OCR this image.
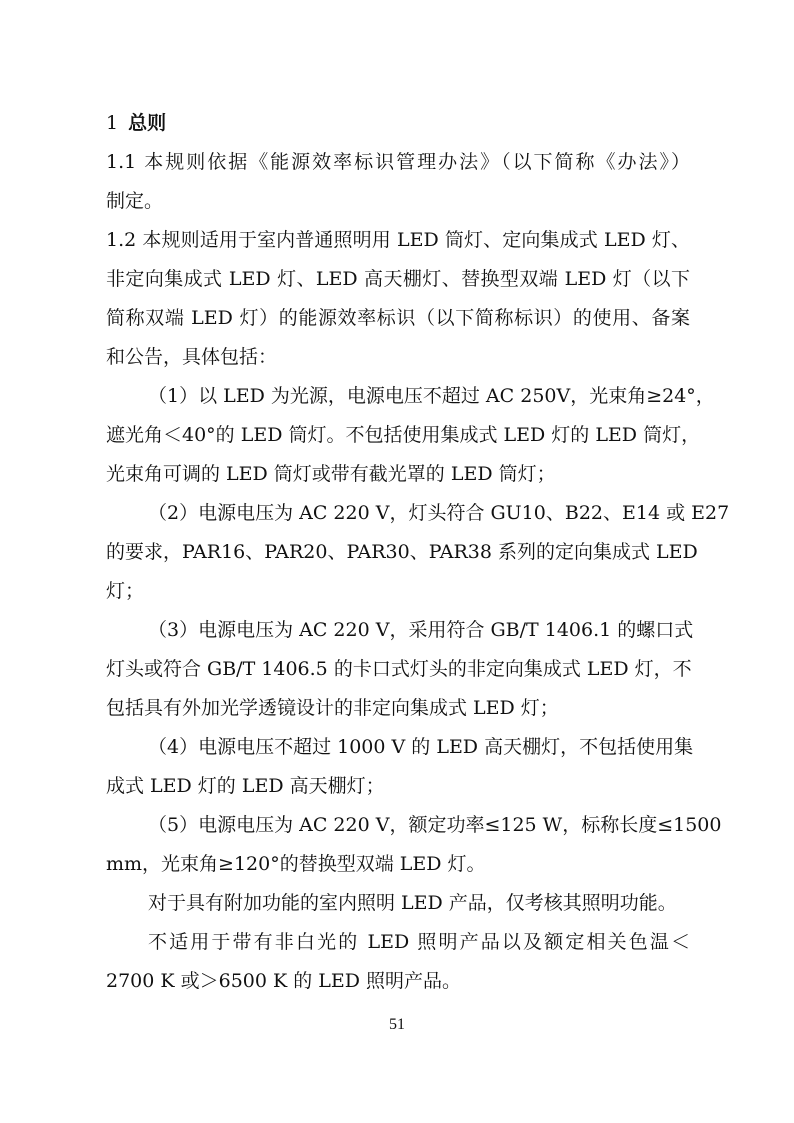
1 总则
1.1 本规则依据《能源效率标识管理办法》（以下简称《办法》）
制定。
1.2 本规则适用于室内普通照明用 LED 筒灯、定向集成式 LED 灯、
非定向集成式 LED 灯、LED 高天棚灯、替换型双端 LED 灯（以下
简称双端 LED 灯）的能源效率标识（以下简称标识）的使用、备案
和公告，具体包括：
（1）以 LED 为光源，电源电压不超过 AC 250V，光束角≥24°，
遮光角＜40°的 LED 筒灯。不包括使用集成式 LED 灯的 LED 筒灯，
光束角可调的 LED 筒灯或带有截光罩的 LED 筒灯；
（2）电源电压为 AC 220 V，灯头符合 GU10、B22、E14 或 E27
的要求，PAR16、PAR20、PAR30、PAR38 系列的定向集成式 LED
灯；
（3）电源电压为 AC 220 V，采用符合 GB/T 1406.1 的螺口式
灯头或符合 GB/T 1406.5 的卡口式灯头的非定向集成式 LED 灯，不
包括具有外加光学透镜设计的非定向集成式 LED 灯；
（4）电源电压不超过 1000 V 的 LED 高天棚灯，不包括使用集
成式 LED 灯的 LED 高天棚灯；
（5）电源电压为 AC 220 V，额定功率≤125 W，标称长度≤1500
mm，光束角≥120°的替换型双端 LED 灯。
对于具有附加功能的室内照明 LED 产品，仅考核其照明功能。
不适用于带有非白光的 LED 照明产品以及额定相关色温＜
2700 K 或＞6500 K 的 LED 照明产品。
51
